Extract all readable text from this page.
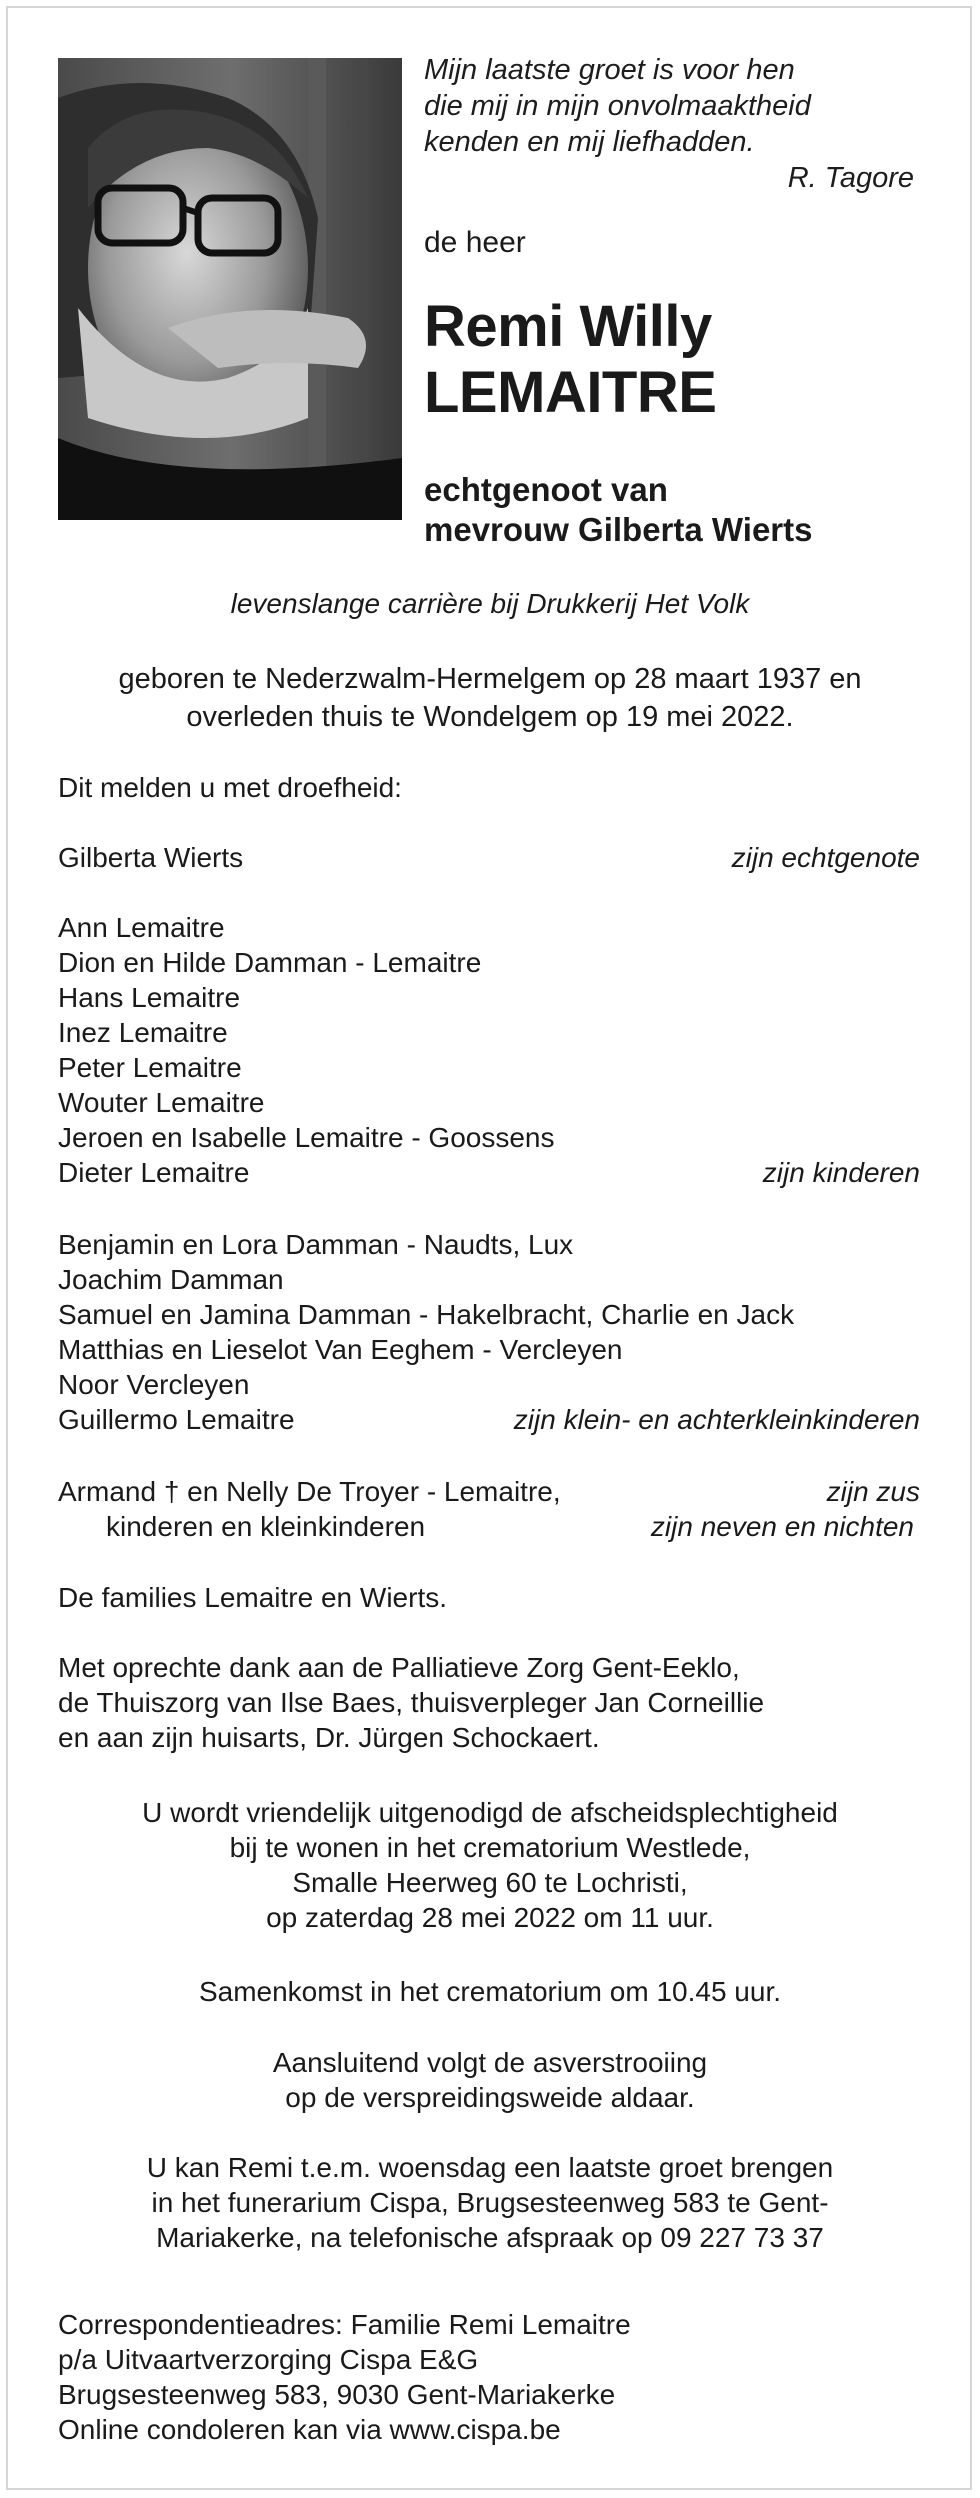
Mijn laatste groet is voor hen
die mij in mijn onvolmaaktheid
kenden en mij liefhadden.
R. Tagore
de heer
Remi Willy
LEMAITRE
echtgenoot van
mevrouw Gilberta Wierts
levenslange carrière bij Drukkerij Het Volk
geboren te Nederzwalm-Hermelgem op 28 maart 1937 en
overleden thuis te Wondelgem op 19 mei 2022.
Dit melden u met droefheid:
Gilberta Wierts	zijn echtgenote
Ann Lemaitre
Dion en Hilde Damman - Lemaitre
Hans Lemaitre
Inez Lemaitre
Peter Lemaitre
Wouter Lemaitre
Jeroen en Isabelle Lemaitre - Goossens
Dieter Lemaitre	zijn kinderen
Benjamin en Lora Damman - Naudts, Lux
Joachim Damman
Samuel en Jamina Damman - Hakelbracht, Charlie en Jack
Matthias en Lieselot Van Eeghem - Vercleyen
Noor Vercleyen
Guillermo Lemaitre	zijn klein- en achterkleinkinderen
Armand † en Nelly De Troyer - Lemaitre,	zijn zus
kinderen en kleinkinderen	zijn neven en nichten
De families Lemaitre en Wierts.
Met oprechte dank aan de Palliatieve Zorg Gent-Eeklo,
de Thuiszorg van Ilse Baes, thuisverpleger Jan Corneillie
en aan zijn huisarts, Dr. Jürgen Schockaert.
U wordt vriendelijk uitgenodigd de afscheidsplechtigheid
bij te wonen in het crematorium Westlede,
Smalle Heerweg 60 te Lochristi,
op zaterdag 28 mei 2022 om 11 uur.
Samenkomst in het crematorium om 10.45 uur.
Aansluitend volgt de asverstrooiing
op de verspreidingsweide aldaar.
U kan Remi t.e.m. woensdag een laatste groet brengen
in het funerarium Cispa, Brugsesteenweg 583 te Gent-
Mariakerke, na telefonische afspraak op 09 227 73 37
Correspondentieadres: Familie Remi Lemaitre
p/a Uitvaartverzorging Cispa E&G
Brugsesteenweg 583, 9030 Gent-Mariakerke
Online condoleren kan via www.cispa.be
